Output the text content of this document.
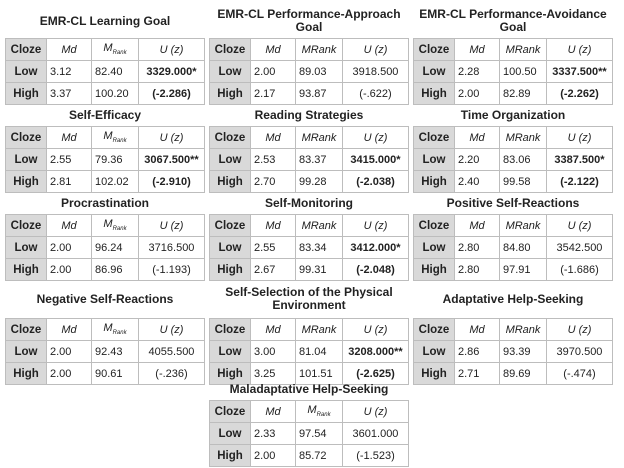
EMR-CL Learning Goal
Cloze	Md	$M_{Rank}$	U (z)
Low	3.12	82.40	3329.000*
High	3.37	100.20	(-2.286)
EMR-CL Performance-Approach Goal
Cloze	Md	MRank	U (z)
Low	2.00	89.03	3918.500
High	2.17	93.87	(-.622)
EMR-CL Performance-Avoidance Goal
Cloze	Md	MRank	U (z)
Low	2.28	100.50	3337.500**
High	2.00	82.89	(-2.262)
Self-Efficacy
Cloze	Md	$M_{Rank}$	U (z)
Low	2.55	79.36	3067.500**
High	2.81	102.02	(-2.910)
Reading Strategies
Cloze	Md	MRank	U (z)
Low	2.53	83.37	3415.000*
High	2.70	99.28	(-2.038)
Time Organization
Cloze	Md	MRank	U (z)
Low	2.20	83.06	3387.500*
High	2.40	99.58	(-2.122)
Procrastination
Cloze	Md	$M_{Rank}$	U (z)
Low	2.00	96.24	3716.500
High	2.00	86.96	(-1.193)
Self-Monitoring
Cloze	Md	MRank	U (z)
Low	2.55	83.34	3412.000*
High	2.67	99.31	(-2.048)
Positive Self-Reactions
Cloze	Md	MRank	U (z)
Low	2.80	84.80	3542.500
High	2.80	97.91	(-1.686)
Negative Self-Reactions
Cloze	Md	$M_{Rank}$	U (z)
Low	2.00	92.43	4055.500
High	2.00	90.61	(-.236)
Self-Selection of the Physical Environment
Cloze	Md	MRank	U (z)
Low	3.00	81.04	3208.000**
High	3.25	101.51	(-2.625)
Adaptative Help-Seeking
Cloze	Md	MRank	U (z)
Low	2.86	93.39	3970.500
High	2.71	89.69	(-.474)
Maladaptative Help-Seeking
Cloze	Md	$M_{Rank}$	U (z)
Low	2.33	97.54	3601.000
High	2.00	85.72	(-1.523)
